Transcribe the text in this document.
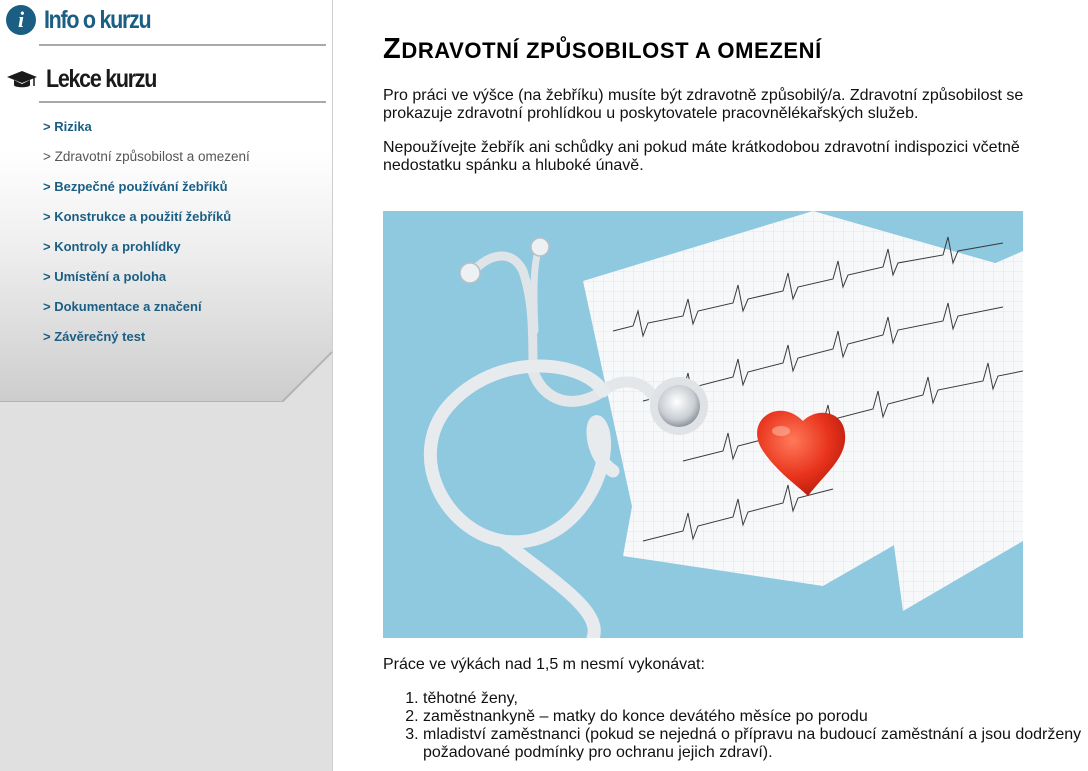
i Info o kurzu
Lekce kurzu
> Rizika
> Zdravotní způsobilost a omezení
> Bezpečné používání žebříků
> Konstrukce a použití žebříků
> Kontroly a prohlídky
> Umístění a poloha
> Dokumentace a značení
> Závěrečný test
ZDRAVOTNÍ ZPŮSOBILOST A OMEZENÍ

Pro práci ve výšce (na žebříku) musíte být zdravotně způsobilý/a. Zdravotní způsobilost se prokazuje zdravotní prohlídkou u poskytovatele pracovnělékařských služeb.

Nepoužívejte žebřík ani schůdky ani pokud máte krátkodobou zdravotní indispozici včetně nedostatku spánku a hluboké únavě.

Práce ve výkách nad 1,5 m nesmí vykonávat:

1. těhotné ženy,
2. zaměstnankyně – matky do konce devátého měsíce po porodu
3. mladiství zaměstnanci (pokud se nejedná o přípravu na budoucí zaměstnání a jsou dodrženy požadované podmínky pro ochranu jejich zdraví).
